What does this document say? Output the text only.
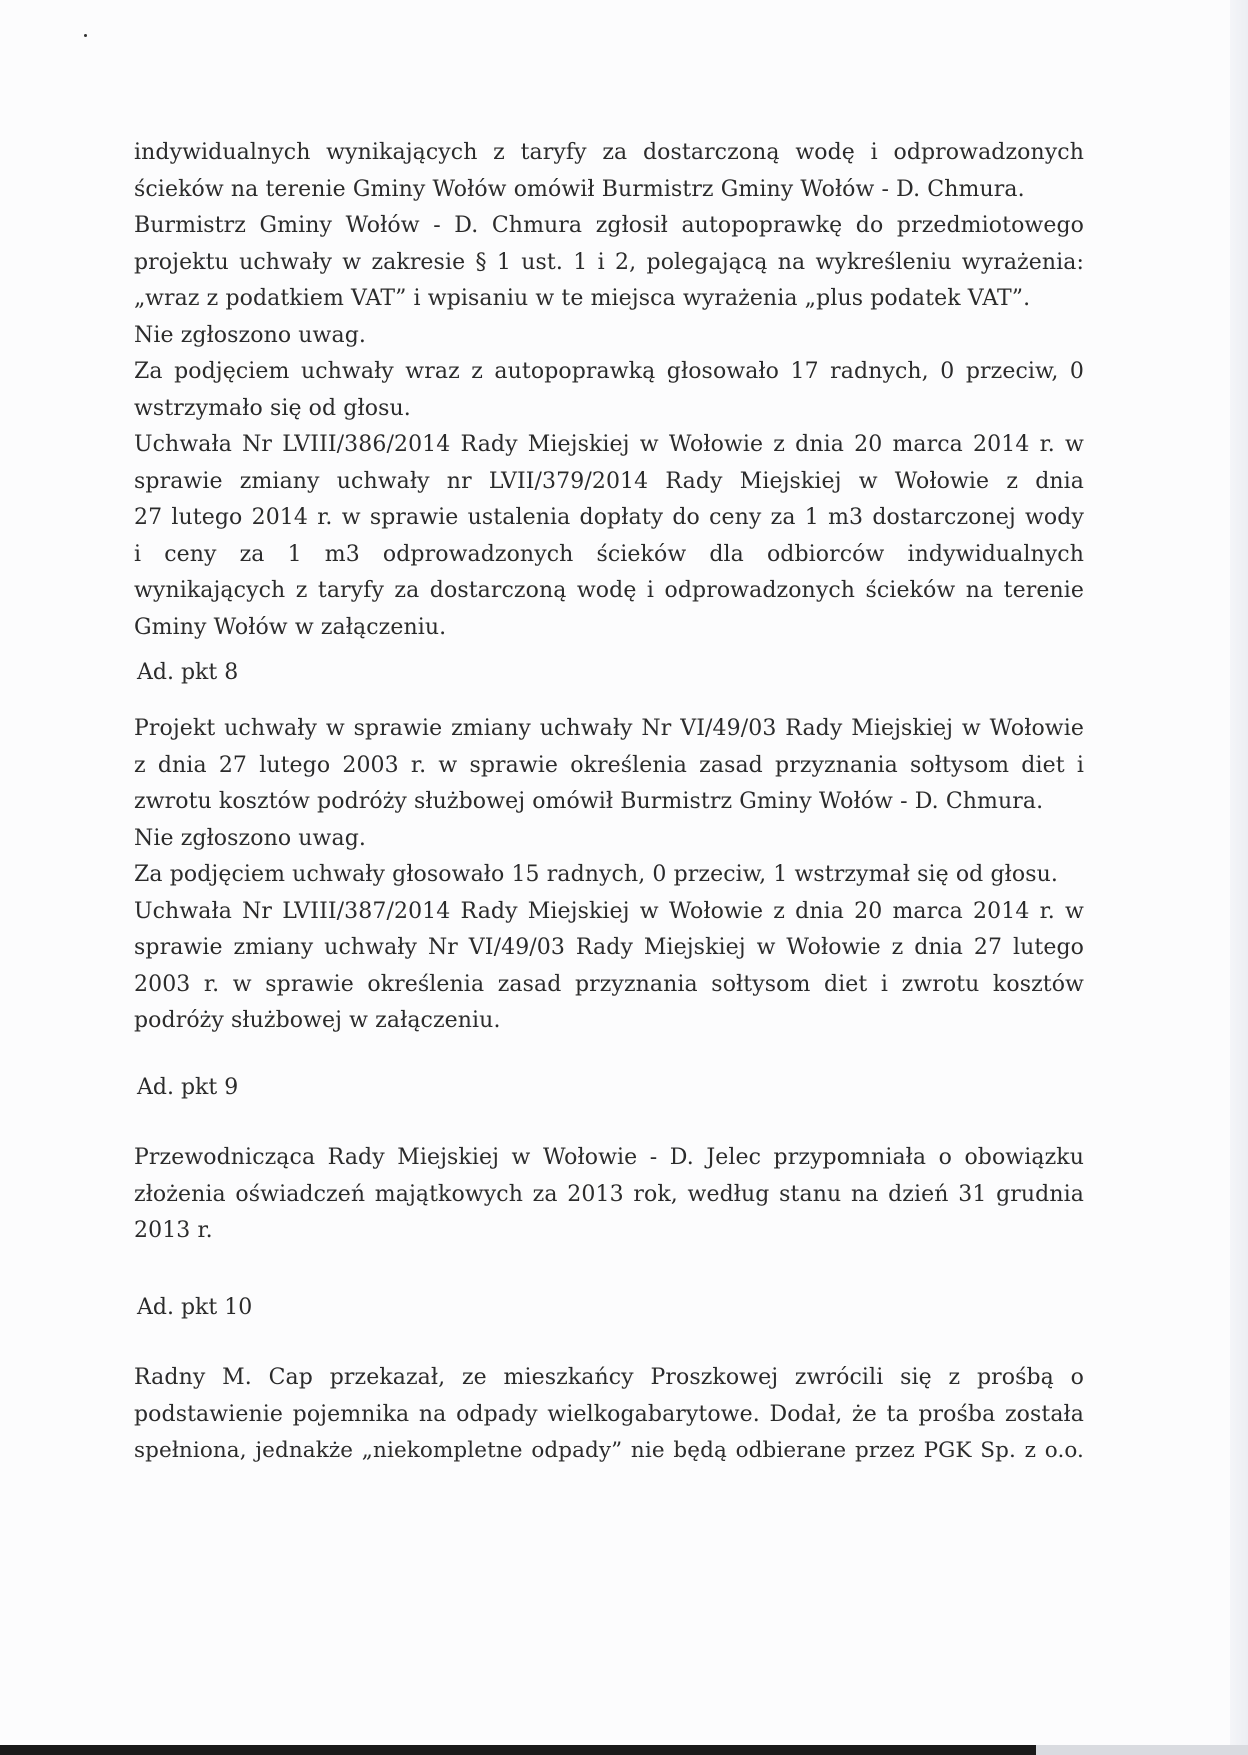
indywidualnych wynikających z taryfy za dostarczoną wodę i odprowadzonych
ścieków na terenie Gminy Wołów omówił Burmistrz Gminy Wołów - D. Chmura.
Burmistrz Gminy Wołów - D. Chmura zgłosił autopoprawkę do przedmiotowego
projektu uchwały w zakresie § 1 ust. 1 i 2, polegającą na wykreśleniu wyrażenia:
„wraz z podatkiem VAT” i wpisaniu w te miejsca wyrażenia „plus podatek VAT”.
Nie zgłoszono uwag.
Za podjęciem uchwały wraz z autopoprawką głosowało 17 radnych, 0 przeciw, 0
wstrzymało się od głosu.
Uchwała Nr LVIII/386/2014 Rady Miejskiej w Wołowie z dnia 20 marca 2014 r. w
sprawie zmiany uchwały nr LVII/379/2014 Rady Miejskiej w Wołowie z dnia
27 lutego 2014 r. w sprawie ustalenia dopłaty do ceny za 1 m3 dostarczonej wody
i ceny za 1 m3 odprowadzonych ścieków dla odbiorców indywidualnych
wynikających z taryfy za dostarczoną wodę i odprowadzonych ścieków na terenie
Gminy Wołów w załączeniu.

Ad. pkt 8

Projekt uchwały w sprawie zmiany uchwały Nr VI/49/03 Rady Miejskiej w Wołowie
z dnia 27 lutego 2003 r. w sprawie określenia zasad przyznania sołtysom diet i
zwrotu kosztów podróży służbowej omówił Burmistrz Gminy Wołów - D. Chmura.
Nie zgłoszono uwag.
Za podjęciem uchwały głosowało 15 radnych, 0 przeciw, 1 wstrzymał się od głosu.
Uchwała Nr LVIII/387/2014 Rady Miejskiej w Wołowie z dnia 20 marca 2014 r. w
sprawie zmiany uchwały Nr VI/49/03 Rady Miejskiej w Wołowie z dnia 27 lutego
2003 r. w sprawie określenia zasad przyznania sołtysom diet i zwrotu kosztów
podróży służbowej w załączeniu.

Ad. pkt 9

Przewodnicząca Rady Miejskiej w Wołowie - D. Jelec przypomniała o obowiązku
złożenia oświadczeń majątkowych za 2013 rok, według stanu na dzień 31 grudnia
2013 r.

Ad. pkt 10

Radny M. Cap przekazał, ze mieszkańcy Proszkowej zwrócili się z prośbą o
podstawienie pojemnika na odpady wielkogabarytowe. Dodał, że ta prośba została
spełniona, jednakże „niekompletne odpady” nie będą odbierane przez PGK Sp. z o.o.
